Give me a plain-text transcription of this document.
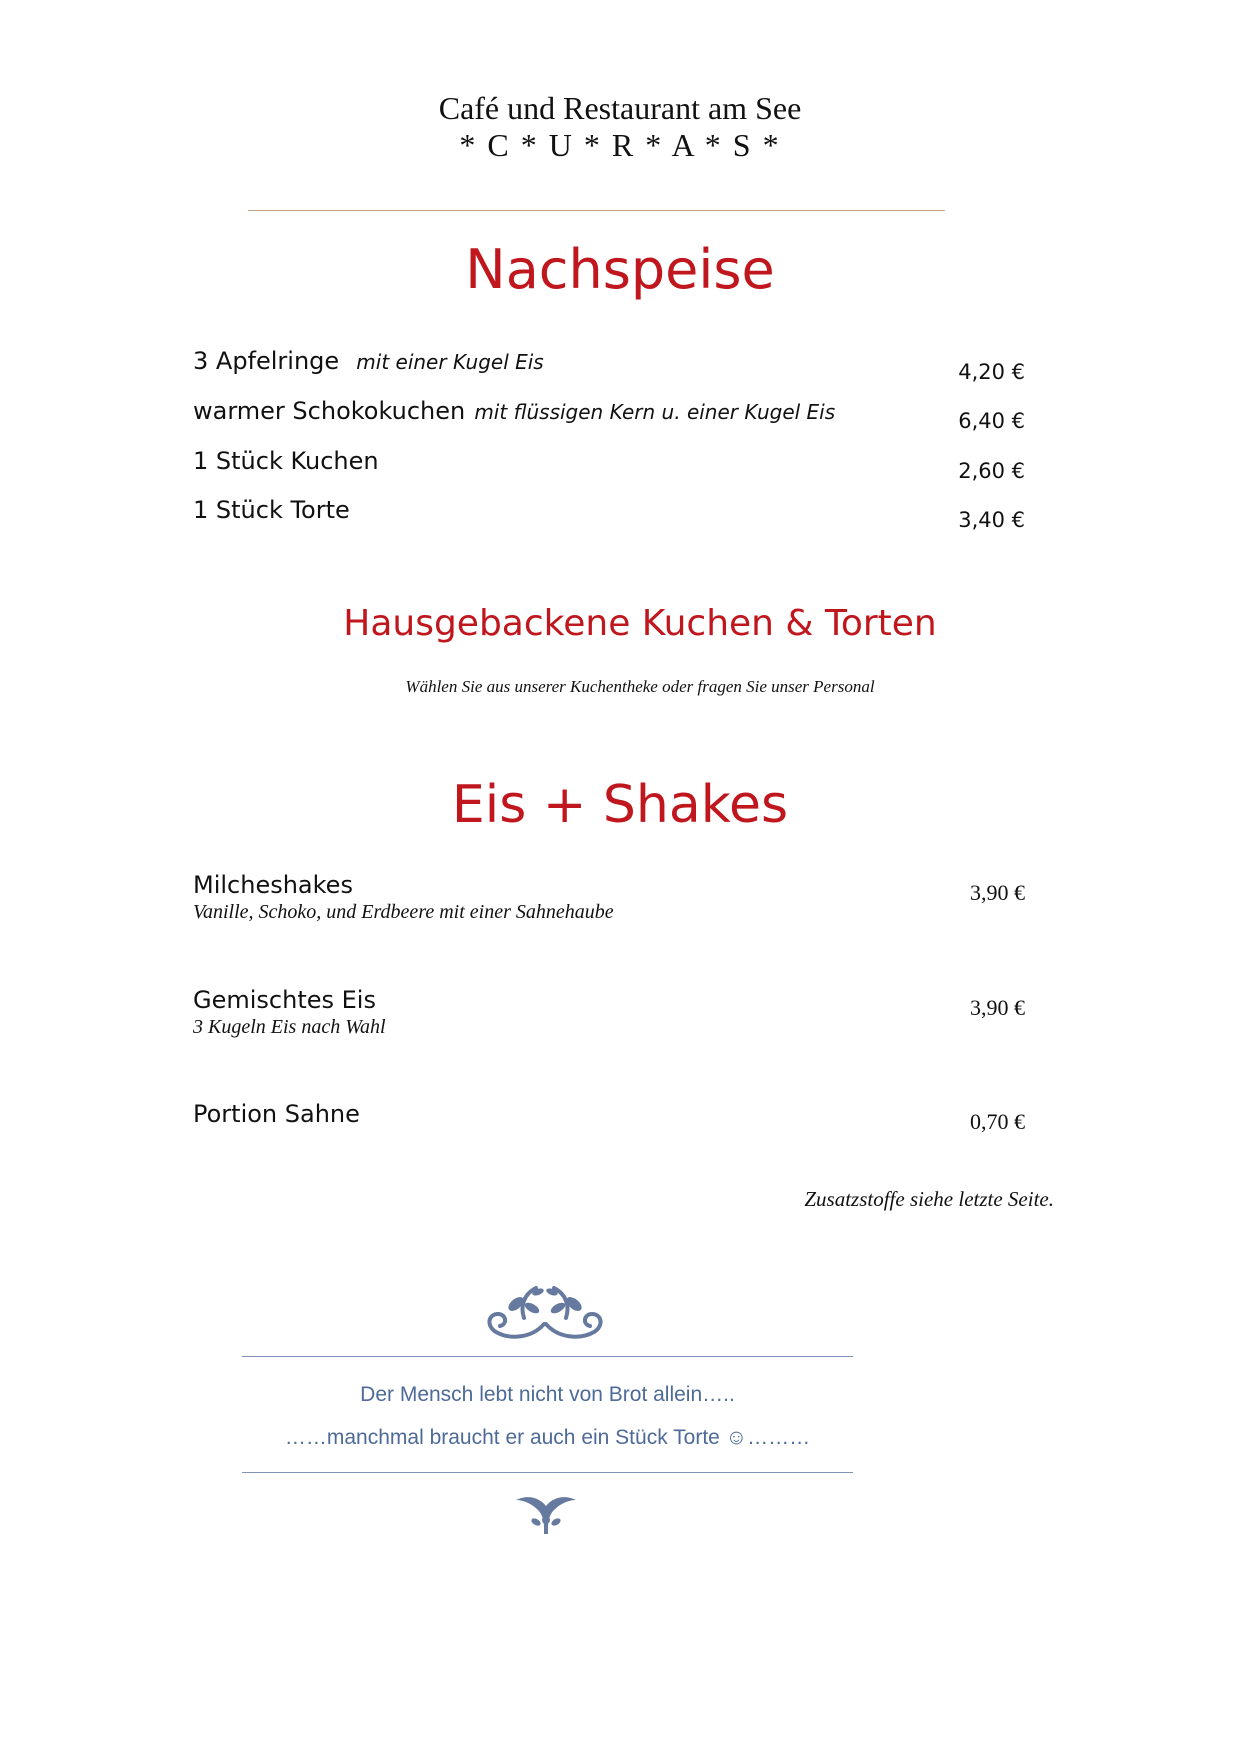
Café und Restaurant am See
* C * U * R * A * S *
Nachspeise
3 Apfelringe mit einer Kugel Eis	4,20 €
warmer Schokokuchen mit flüssigen Kern u. einer Kugel Eis	6,40 €
1 Stück Kuchen	2,60 €
1 Stück Torte	3,40 €
Hausgebackene Kuchen & Torten
Wählen Sie aus unserer Kuchentheke oder fragen Sie unser Personal
Eis + Shakes
Milcheshakes
Vanille, Schoko, und Erdbeere mit einer Sahnehaube
3,90 €
Gemischtes Eis
3 Kugeln Eis nach Wahl
3,90 €
Portion Sahne	0,70 €
Zusatzstoffe siehe letzte Seite.
Der Mensch lebt nicht von Brot allein…..
……manchmal braucht er auch ein Stück Torte ☺………
